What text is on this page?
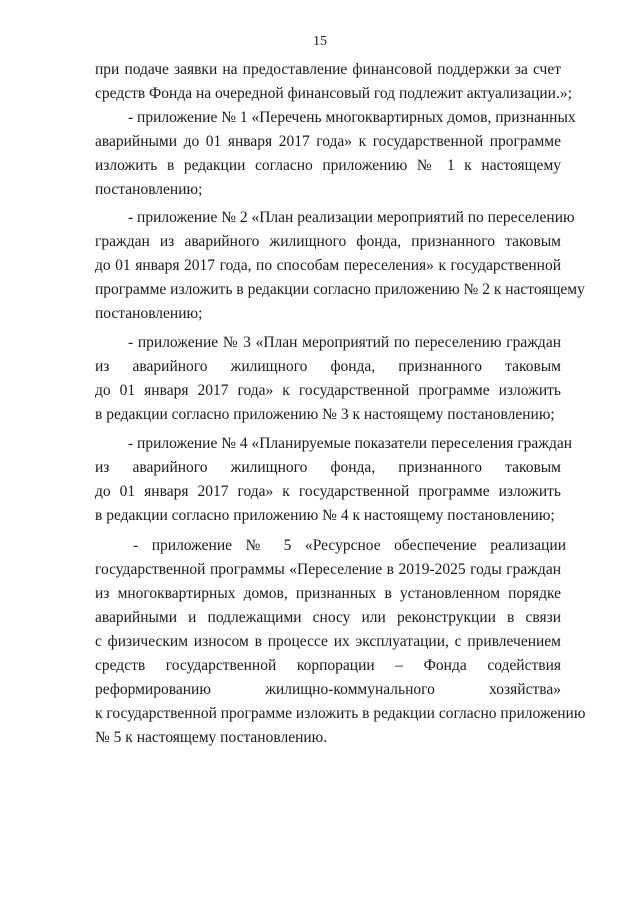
15
при подаче заявки на предоставление финансовой поддержки за счет
средств Фонда на очередной финансовый год подлежит актуализации.»;
- приложение № 1 «Перечень многоквартирных домов, признанных
аварийными до 01 января 2017 года» к государственной программе
изложить в редакции согласно приложению № 1 к настоящему
постановлению;
- приложение № 2 «План реализации мероприятий по переселению
граждан из аварийного жилищного фонда, признанного таковым
до 01 января 2017 года, по способам переселения» к государственной
программе изложить в редакции согласно приложению № 2 к настоящему
постановлению;
- приложение № 3 «План мероприятий по переселению граждан
из аварийного жилищного фонда, признанного таковым
до 01 января 2017 года» к государственной программе изложить
в редакции согласно приложению № 3 к настоящему постановлению;
- приложение № 4 «Планируемые показатели переселения граждан
из аварийного жилищного фонда, признанного таковым
до 01 января 2017 года» к государственной программе изложить
в редакции согласно приложению № 4 к настоящему постановлению;
- приложение № 5 «Ресурсное обеспечение реализации
государственной программы «Переселение в 2019-2025 годы граждан
из многоквартирных домов, признанных в установленном порядке
аварийными и подлежащими сносу или реконструкции в связи
с физическим износом в процессе их эксплуатации, с привлечением
средств государственной корпорации – Фонда содействия
реформированию жилищно-коммунального хозяйства»
к государственной программе изложить в редакции согласно приложению
№ 5 к настоящему постановлению.
